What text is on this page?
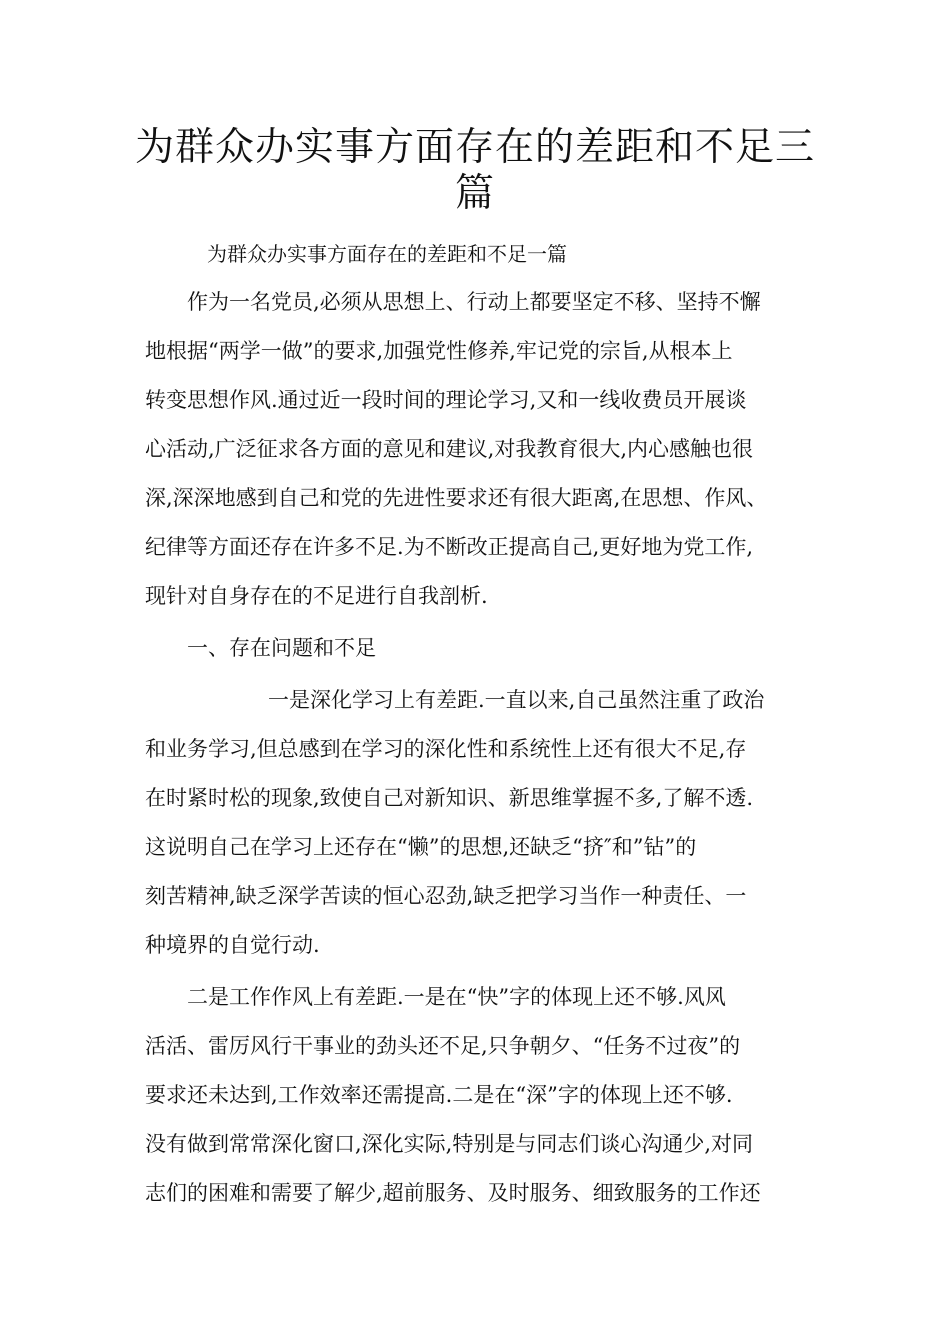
为群众办实事方面存在的差距和不足三
篇

为群众办实事方面存在的差距和不足一篇

作为一名党员,必须从思想上、行动上都要坚定不移、坚持不懈

地根据“两学一做”的要求,加强党性修养,牢记党的宗旨,从根本上

转变思想作风.通过近一段时间的理论学习,又和一线收费员开展谈

心活动,广泛征求各方面的意见和建议,对我教育很大,内心感触也很

深,深深地感到自己和党的先进性要求还有很大距离,在思想、作风、

纪律等方面还存在许多不足.为不断改正提高自己,更好地为党工作,

现针对自身存在的不足进行自我剖析.

一、存在问题和不足

一是深化学习上有差距.一直以来,自己虽然注重了政治

和业务学习,但总感到在学习的深化性和系统性上还有很大不足,存

在时紧时松的现象,致使自己对新知识、新思维掌握不多,了解不透.

这说明自己在学习上还存在“懒”的思想,还缺乏“挤″和”钻”的

刻苦精神,缺乏深学苦读的恒心忍劲,缺乏把学习当作一种责任、一

种境界的自觉行动.

二是工作作风上有差距.一是在“快”字的体现上还不够.风风

活活、雷厉风行干事业的劲头还不足,只争朝夕、“任务不过夜”的

要求还未达到,工作效率还需提高.二是在“深”字的体现上还不够.

没有做到常常深化窗口,深化实际,特别是与同志们谈心沟通少,对同

志们的困难和需要了解少,超前服务、及时服务、细致服务的工作还
